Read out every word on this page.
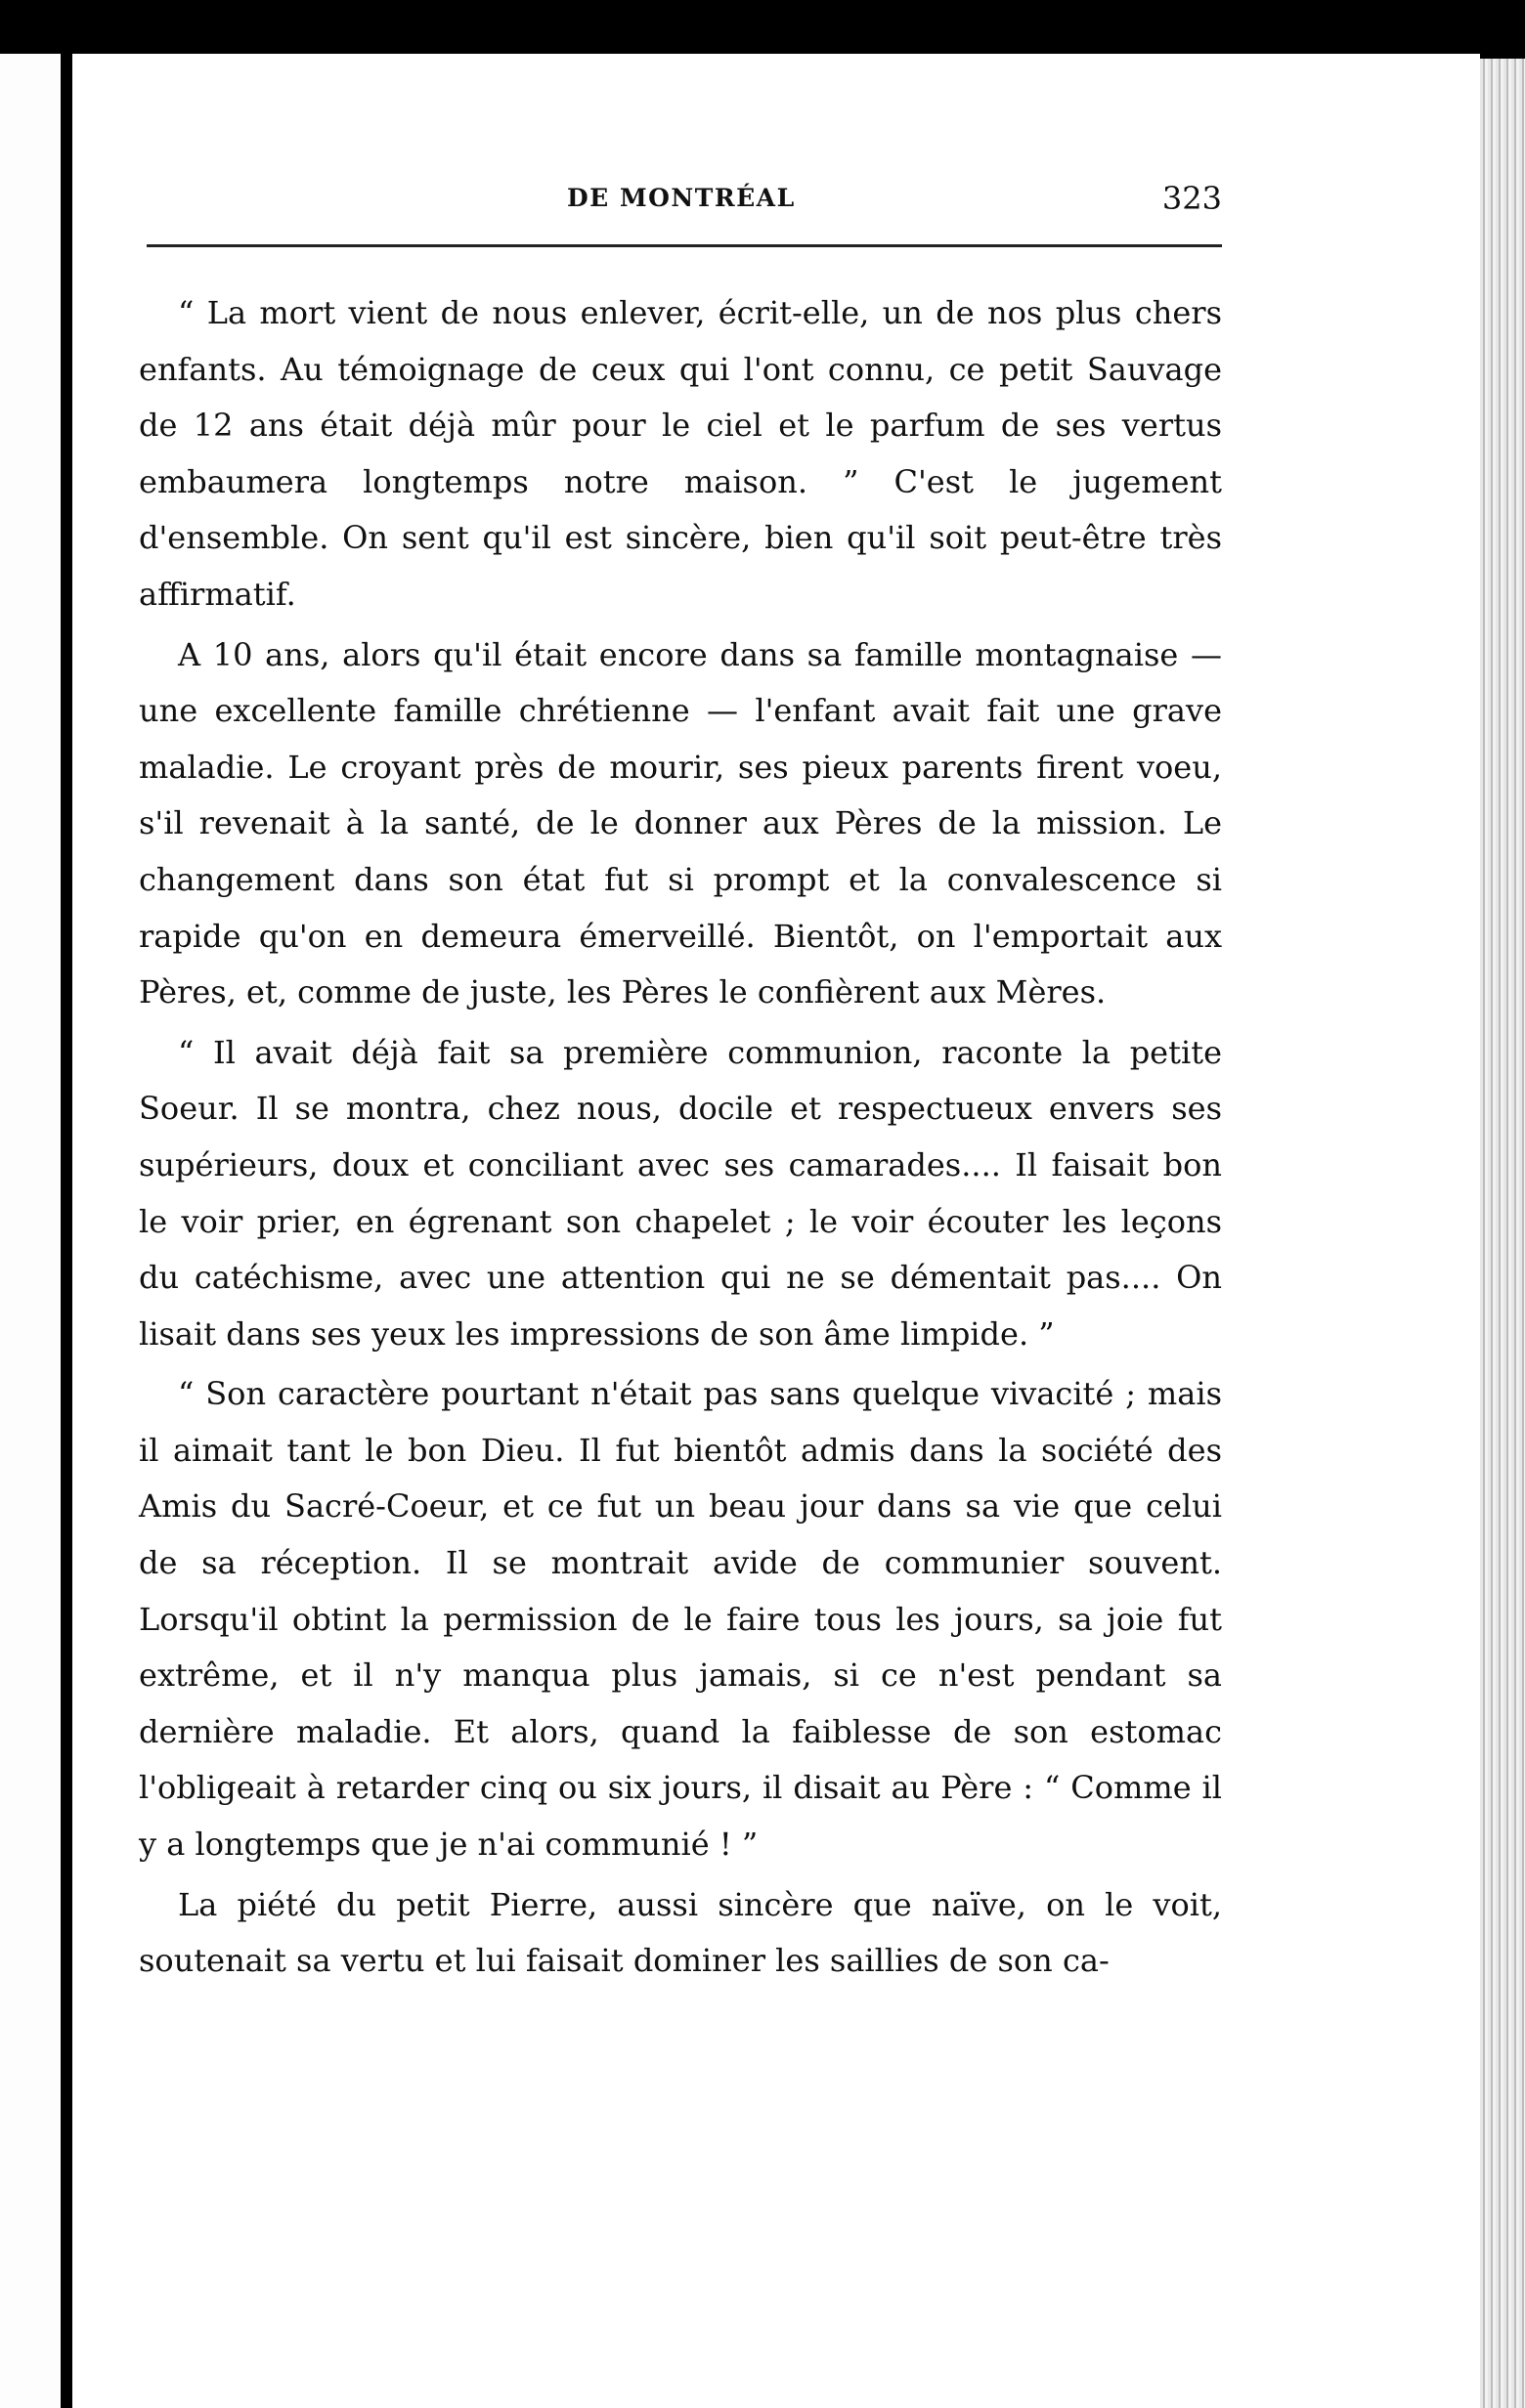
DE MONTRÉAL	323

“ La mort vient de nous enlever, écrit-elle, un de nos plus chers enfants. Au témoignage de ceux qui l'ont connu, ce petit Sauvage de 12 ans était déjà mûr pour le ciel et le parfum de ses vertus embaumera longtemps notre maison. ” C'est le jugement d'ensemble. On sent qu'il est sincère, bien qu'il soit peut-être très affirmatif.

A 10 ans, alors qu'il était encore dans sa famille montagnaise — une excellente famille chrétienne — l'enfant avait fait une grave maladie. Le croyant près de mourir, ses pieux parents firent voeu, s'il revenait à la santé, de le donner aux Pères de la mission. Le changement dans son état fut si prompt et la convalescence si rapide qu'on en demeura émerveillé. Bientôt, on l'emportait aux Pères, et, comme de juste, les Pères le confièrent aux Mères.

“ Il avait déjà fait sa première communion, raconte la petite Soeur. Il se montra, chez nous, docile et respectueux envers ses supérieurs, doux et conciliant avec ses camarades.... Il faisait bon le voir prier, en égrenant son chapelet ; le voir écouter les leçons du catéchisme, avec une attention qui ne se démentait pas.... On lisait dans ses yeux les impressions de son âme limpide. ”

“ Son caractère pourtant n'était pas sans quelque vivacité ; mais il aimait tant le bon Dieu. Il fut bientôt admis dans la société des Amis du Sacré-Coeur, et ce fut un beau jour dans sa vie que celui de sa réception. Il se montrait avide de communier souvent. Lorsqu'il obtint la permission de le faire tous les jours, sa joie fut extrême, et il n'y manqua plus jamais, si ce n'est pendant sa dernière maladie. Et alors, quand la faiblesse de son estomac l'obligeait à retarder cinq ou six jours, il disait au Père : “ Comme il y a longtemps que je n'ai communié ! ”

La piété du petit Pierre, aussi sincère que naïve, on le voit, soutenait sa vertu et lui faisait dominer les saillies de son ca-
